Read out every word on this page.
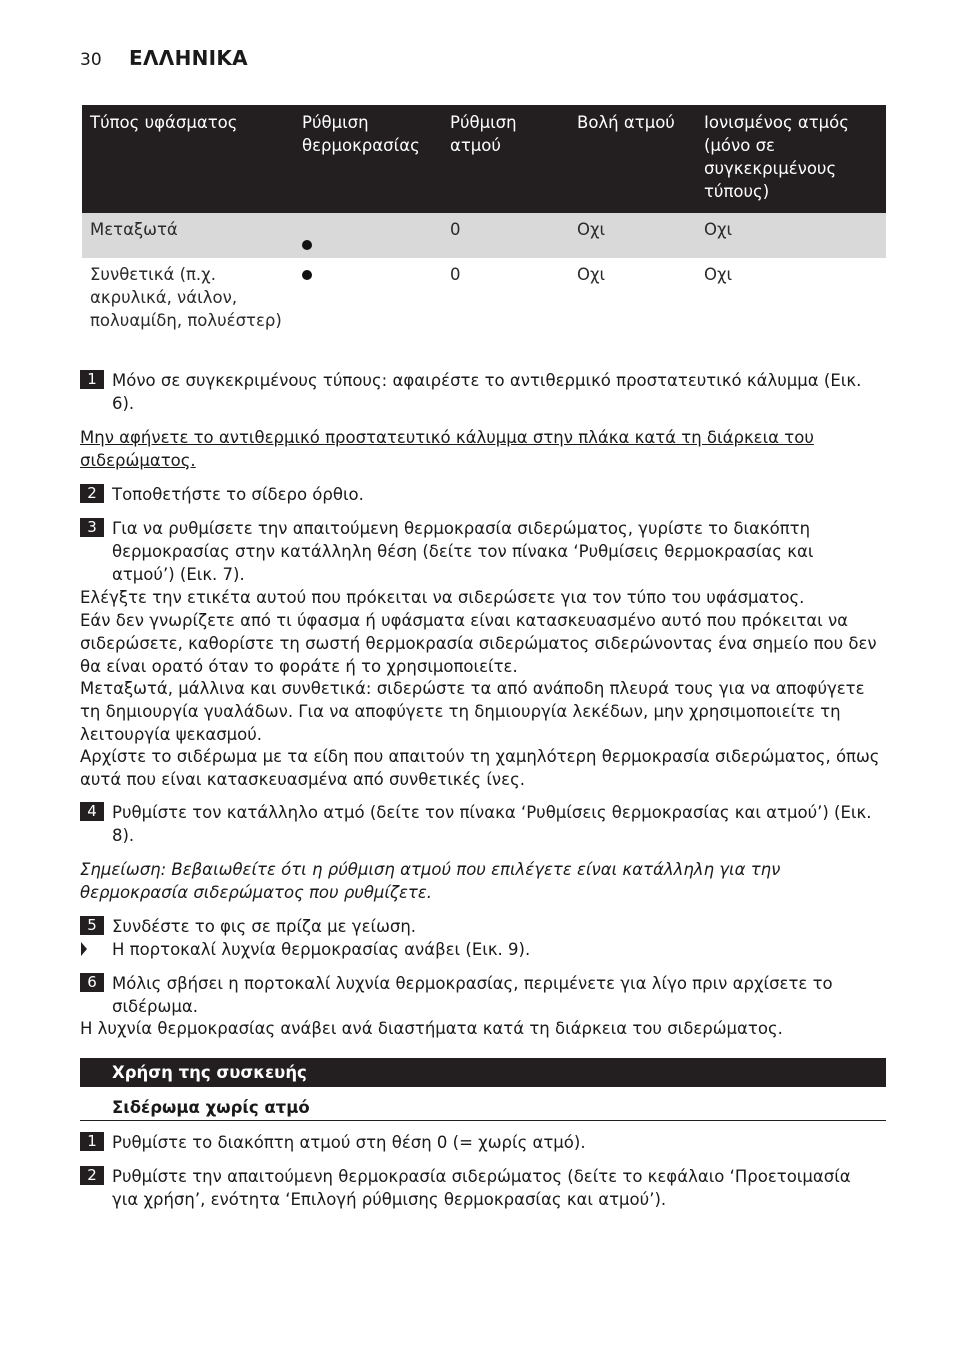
30 ΕΛΛΗΝΙΚΑ
Τύπος υφάσματος	Ρύθμιση θερμοκρασίας	Ρύθμιση ατμού	Βολή ατμού	Ιονισμένος ατμός (μόνο σε συγκεκριμένους τύπους)
Μεταξωτά		0	Οχι	Οχι
Συνθετικά (π.χ. ακρυλικά, νάιλον, πολυαμίδη, πολυέστερ)		0	Οχι	Οχι
1 Μόνο σε συγκεκριμένους τύπους: αφαιρέστε το αντιθερμικό προστατευτικό κάλυμμα (Εικ. 6).
Μην αφήνετε το αντιθερμικό προστατευτικό κάλυμμα στην πλάκα κατά τη διάρκεια του σιδερώματος.
2 Τοποθετήστε το σίδερο όρθιο.
3 Για να ρυθμίσετε την απαιτούμενη θερμοκρασία σιδερώματος, γυρίστε το διακόπτη θερμοκρασίας στην κατάλληλη θέση (δείτε τον πίνακα ‘Ρυθμίσεις θερμοκρασίας και ατμού’) (Εικ. 7).
Ελέγξτε την ετικέτα αυτού που πρόκειται να σιδερώσετε για τον τύπο του υφάσματος.
Εάν δεν γνωρίζετε από τι ύφασμα ή υφάσματα είναι κατασκευασμένο αυτό που πρόκειται να σιδερώσετε, καθορίστε τη σωστή θερμοκρασία σιδερώματος σιδερώνοντας ένα σημείο που δεν θα είναι ορατό όταν το φοράτε ή το χρησιμοποιείτε.
Μεταξωτά, μάλλινα και συνθετικά: σιδερώστε τα από ανάποδη πλευρά τους για να αποφύγετε τη δημιουργία γυαλάδων. Για να αποφύγετε τη δημιουργία λεκέδων, μην χρησιμοποιείτε τη λειτουργία ψεκασμού.
Αρχίστε το σιδέρωμα με τα είδη που απαιτούν τη χαμηλότερη θερμοκρασία σιδερώματος, όπως αυτά που είναι κατασκευασμένα από συνθετικές ίνες.
4 Ρυθμίστε τον κατάλληλο ατμό (δείτε τον πίνακα ‘Ρυθμίσεις θερμοκρασίας και ατμού’) (Εικ. 8).
Σημείωση: Βεβαιωθείτε ότι η ρύθμιση ατμού που επιλέγετε είναι κατάλληλη για την θερμοκρασία σιδερώματος που ρυθμίζετε.
5 Συνδέστε το φις σε πρίζα με γείωση.
Η πορτοκαλί λυχνία θερμοκρασίας ανάβει (Εικ. 9).
6 Μόλις σβήσει η πορτοκαλί λυχνία θερμοκρασίας, περιμένετε για λίγο πριν αρχίσετε το σιδέρωμα.
Η λυχνία θερμοκρασίας ανάβει ανά διαστήματα κατά τη διάρκεια του σιδερώματος.
Χρήση της συσκευής
Σιδέρωμα χωρίς ατμό
1 Ρυθμίστε το διακόπτη ατμού στη θέση 0 (= χωρίς ατμό).
2 Ρυθμίστε την απαιτούμενη θερμοκρασία σιδερώματος (δείτε το κεφάλαιο ‘Προετοιμασία για χρήση’, ενότητα ‘Επιλογή ρύθμισης θερμοκρασίας και ατμού’).
